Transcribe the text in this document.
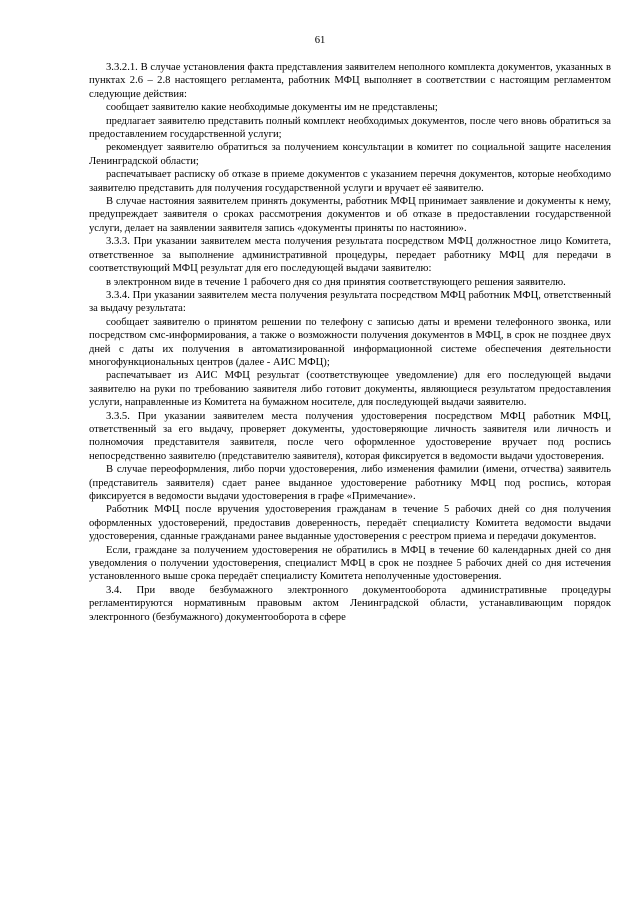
61

3.3.2.1. В случае установления факта представления заявителем неполного комплекта документов, указанных в пунктах 2.6 – 2.8 настоящего регламента, работник МФЦ выполняет в соответствии с настоящим регламентом следующие действия:

сообщает заявителю какие необходимые документы им не представлены;

предлагает заявителю представить полный комплект необходимых документов, после чего вновь обратиться за предоставлением государственной услуги;

рекомендует заявителю обратиться за получением консультации в комитет по социальной защите населения Ленинградской области;

распечатывает расписку об отказе в приеме документов с указанием перечня документов, которые необходимо заявителю представить для получения государственной услуги и вручает её заявителю.

В случае настояния заявителем принять документы, работник МФЦ принимает заявление и документы к нему, предупреждает заявителя о сроках рассмотрения документов и об отказе в предоставлении государственной услуги, делает на заявлении заявителя запись «документы приняты по настоянию».

3.3.3. При указании заявителем места получения результата посредством МФЦ должностное лицо Комитета, ответственное за выполнение административной процедуры, передает работнику МФЦ для передачи в соответствующий МФЦ результат для его последующей выдачи заявителю:

в электронном виде в течение 1 рабочего дня со дня принятия соответствующего решения заявителю.

3.3.4. При указании заявителем места получения результата посредством МФЦ работник МФЦ, ответственный за выдачу результата:

сообщает заявителю о принятом решении по телефону с записью даты и времени телефонного звонка, или посредством смс-информирования, а также о возможности получения документов в МФЦ, в срок не позднее двух дней с даты их получения в автоматизированной информационной системе обеспечения деятельности многофункциональных центров (далее - АИС МФЦ);

распечатывает из АИС МФЦ результат (соответствующее уведомление) для его последующей выдачи заявителю на руки по требованию заявителя либо готовит документы, являющиеся результатом предоставления услуги, направленные из Комитета на бумажном носителе, для последующей выдачи заявителю.

3.3.5. При указании заявителем места получения удостоверения посредством МФЦ работник МФЦ, ответственный за его выдачу, проверяет документы, удостоверяющие личность заявителя или личность и полномочия представителя заявителя, после чего оформленное удостоверение вручает под роспись непосредственно заявителю (представителю заявителя), которая фиксируется в ведомости выдачи удостоверения.

В случае переоформления, либо порчи удостоверения, либо изменения фамилии (имени, отчества) заявитель (представитель заявителя) сдает ранее выданное удостоверение работнику МФЦ под роспись, которая фиксируется в ведомости выдачи удостоверения в графе «Примечание».

Работник МФЦ после вручения удостоверения гражданам в течение 5 рабочих дней со дня получения оформленных удостоверений, предоставив доверенность, передаёт специалисту Комитета ведомости выдачи удостоверения, сданные гражданами ранее выданные удостоверения с реестром приема и передачи документов.

Если, граждане за получением удостоверения не обратились в МФЦ в течение 60 календарных дней со дня уведомления о получении удостоверения, специалист МФЦ в срок не позднее 5 рабочих дней со дня истечения установленного выше срока передаёт специалисту Комитета неполученные удостоверения.

3.4. При вводе безбумажного электронного документооборота административные процедуры регламентируются нормативным правовым актом Ленинградской области, устанавливающим порядок электронного (безбумажного) документооборота в сфере
